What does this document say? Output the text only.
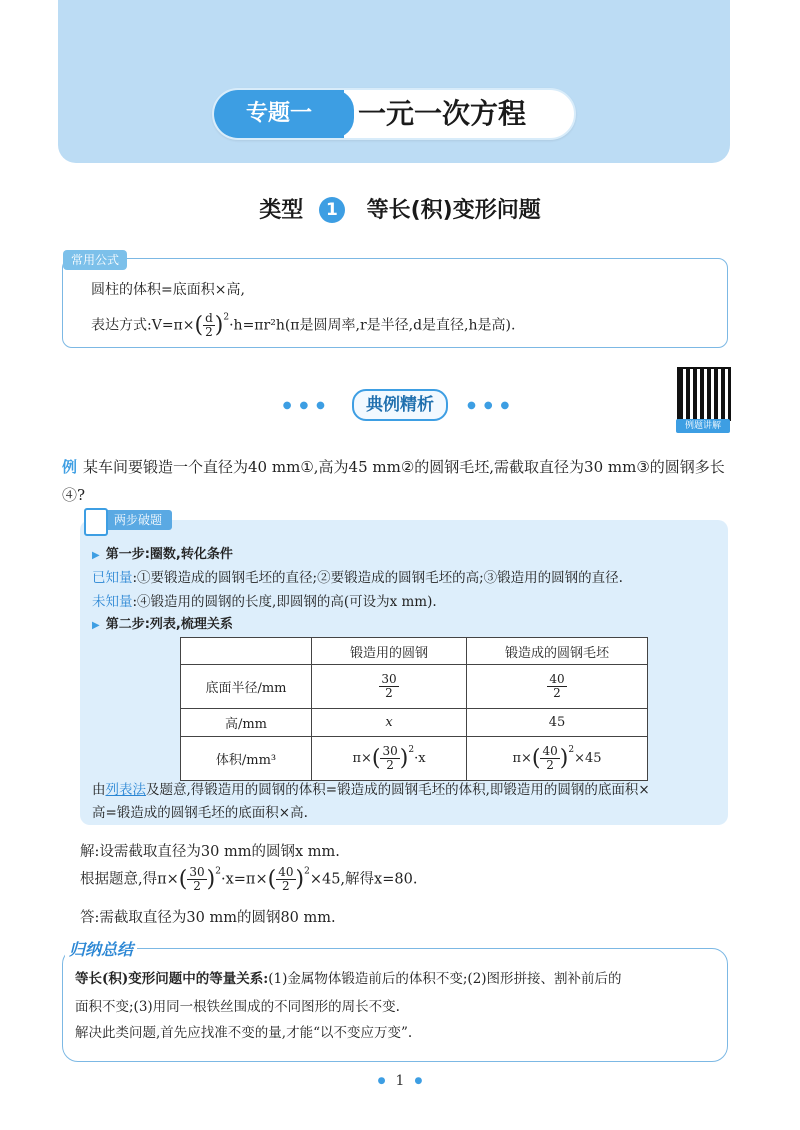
专题一	一元一次方程
类型 1 等长(积)变形问题
常用公式
圆柱的体积=底面积×高,
表达方式:V=π×( $\frac{d}{2} )^2\cdot h=\pi r^2h(\pi$是圆周率,r是半径,d是直径,h是高).
●●● 典例精析	●●●
例题讲解
例 某车间要锻造一个直径为40 mm①,高为45 mm②的圆钢毛坯,需截取直径为30 mm③的圆钢多长④?
两步破题
▶ 第一步:圈数,转化条件
已知量:①要锻造成的圆钢毛坯的直径;②要锻造成的圆钢毛坯的高;③锻造用的圆钢的直径.
未知量:④锻造用的圆钢的长度,即圆钢的高(可设为x mm).
▶ 第二步:列表,梳理关系
	锻造用的圆钢	锻造成的圆钢毛坯
底面半径/mm	$\frac{30}{2}$	$\frac{40}{2}$

高/mm	x	45
体积/mm³	$\pi\times( \frac{30}{2} )^2\cdot x$	$\pi\times( \frac{40}{2} )^2\times 45$
由列表法及题意,得锻造用的圆钢的体积=锻造成的圆钢毛坯的体积,即锻造用的圆钢的底面积×
高=锻造成的圆钢毛坯的底面积×高.
解:设需截取直径为30 mm的圆钢x mm.
根据题意,得$\pi\times( \frac{30}{2} )^2\cdot x=\pi\times( \frac{40}{2} )^2\times 45$,解得x=80.
答:需截取直径为30 mm的圆钢80 mm.
归纳总结
等长(积)变形问题中的等量关系:(1)金属物体锻造前后的体积不变;(2)图形拼接、割补前后的
面积不变;(3)用同一根铁丝围成的不同图形的周长不变.
解决此类问题,首先应找准不变的量,才能“以不变应万变”.
● 1 ●
